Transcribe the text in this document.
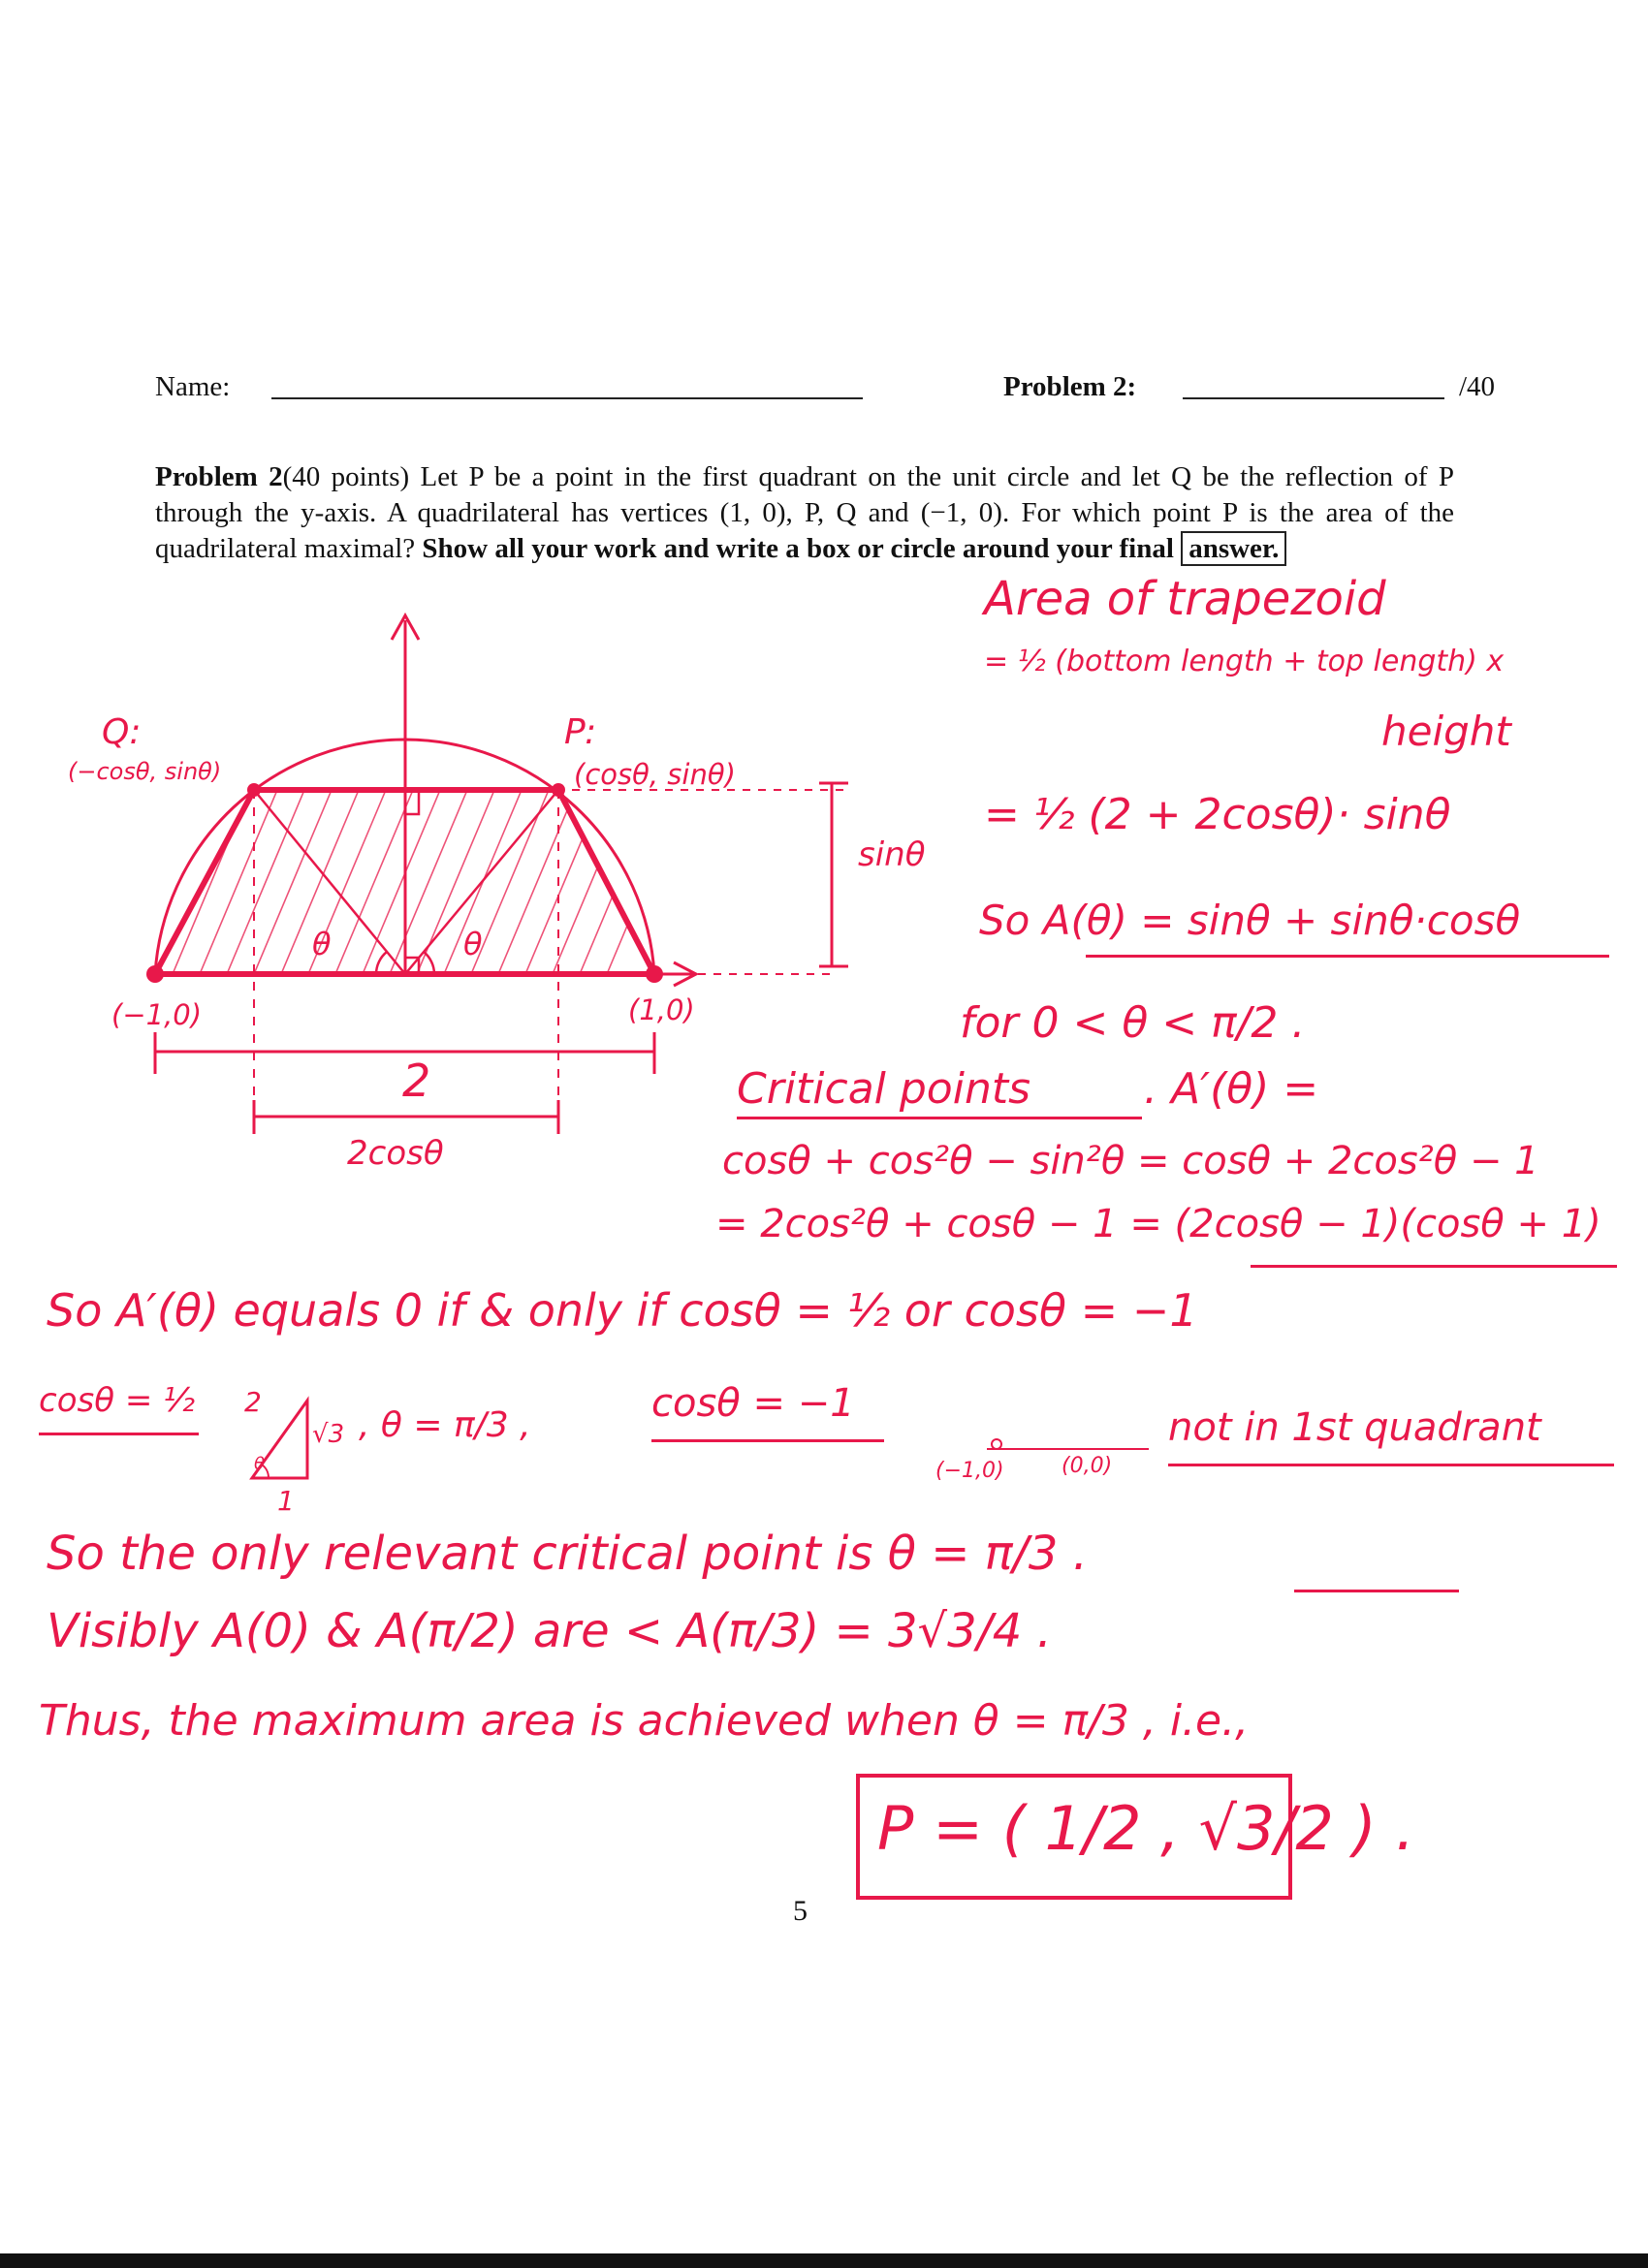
Name:	Problem 2:	/40
Problem 2(40 points) Let P be a point in the first quadrant on the unit circle and let Q be the reflection of P through the y-axis. A quadrilateral has vertices (1, 0), P, Q and (−1, 0). For which point P is the area of the quadrilateral maximal? Show all your work and write a box or circle around your final answer.
Q:
(−cosθ, sinθ)
P:
(cosθ, sinθ)
(−1,0)	(1,0)
θ	θ
sinθ
2
2cosθ
Area of trapezoid
= ½ (bottom length + top length) x
height
= ½ (2 + 2cosθ)· sinθ
So A(θ) = sinθ + sinθ·cosθ
for 0 < θ < π/2 .
Critical points	. A′(θ) =
cosθ + cos²θ − sin²θ = cosθ + 2cos²θ − 1
= 2cos²θ + cosθ − 1 = (2cosθ − 1)(cosθ + 1)
So A′(θ) equals 0 if & only if cosθ = ½ or cosθ = −1
cosθ = ½ 2
√3
1
θ
, θ = π/3 ,	cosθ = −1
(−1,0)	(0,0)
not in 1st quadrant
So the only relevant critical point is θ = π/3 .
Visibly A(0) & A(π/2) are < A(π/3) = 3√3/4 .
Thus, the maximum area is achieved when θ = π/3 , i.e.,
P = ( 1/2 , √3/2 ) .
5
